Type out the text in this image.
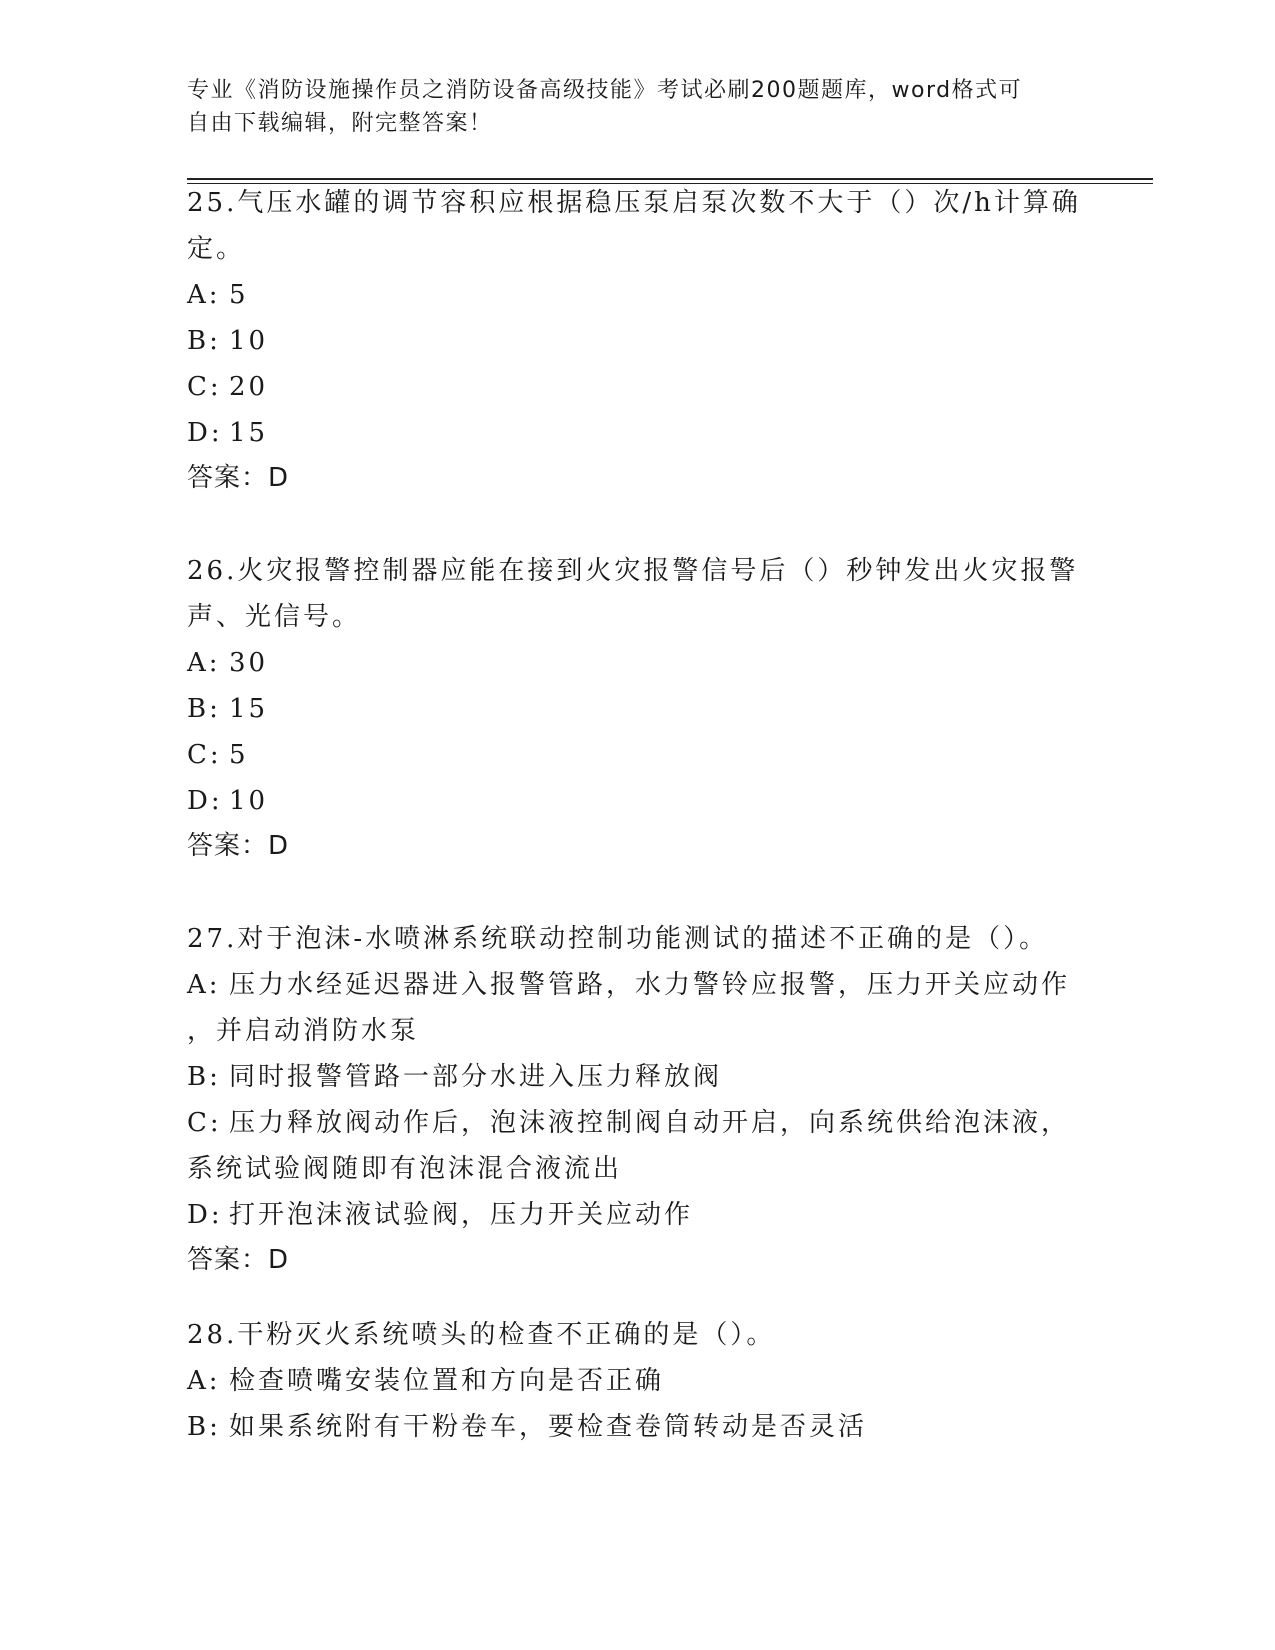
专业《消防设施操作员之消防设备高级技能》考试必刷200题题库，word格式可
自由下载编辑，附完整答案！

25.气压水罐的调节容积应根据稳压泵启泵次数不大于（）次/h计算确

定。

A: 5

B: 10

C: 20

D: 15

答案：D

26.火灾报警控制器应能在接到火灾报警信号后（）秒钟发出火灾报警

声、光信号。

A: 30

B: 15

C: 5

D: 10

答案：D

27.对于泡沫-水喷淋系统联动控制功能测试的描述不正确的是（）。

A: 压力水经延迟器进入报警管路，水力警铃应报警，压力开关应动作

，并启动消防水泵

B: 同时报警管路一部分水进入压力释放阀

C: 压力释放阀动作后，泡沫液控制阀自动开启，向系统供给泡沫液，

系统试验阀随即有泡沫混合液流出

D: 打开泡沫液试验阀，压力开关应动作

答案：D

28.干粉灭火系统喷头的检查不正确的是（）。

A: 检查喷嘴安装位置和方向是否正确

B: 如果系统附有干粉卷车，要检查卷筒转动是否灵活
